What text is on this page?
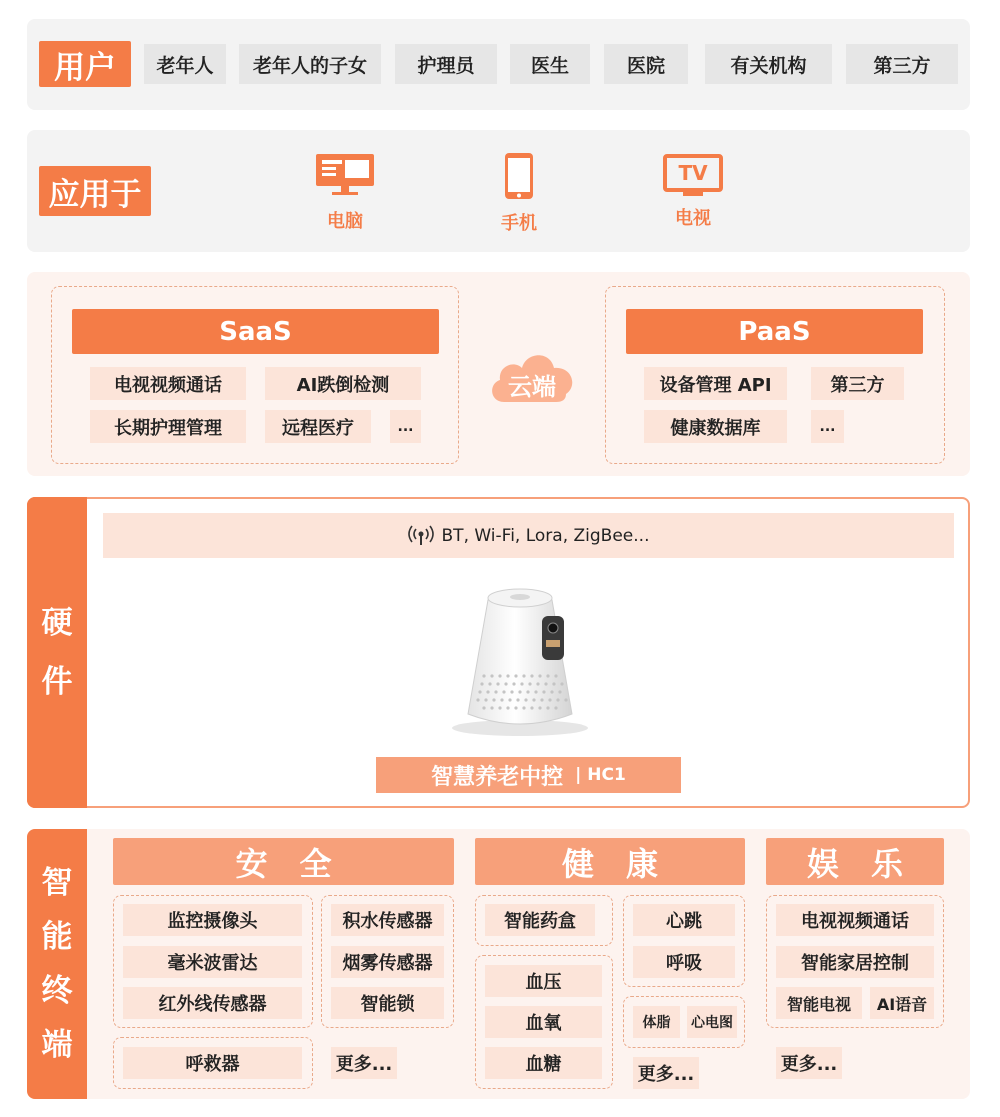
用户	老年人	老年人的子女	护理员	医生	医院	有关机构	第三方
应用于
电脑	手机
TV
电视
SaaS
电视视频通话	AI跌倒检测
长期护理管理	远程医疗	...
云端
PaaS
设备管理 API	第三方
健康数据库	...
硬
件
BT, Wi-Fi, Lora, ZigBee...
智慧养老中控 | HC1
智
能
终
端
安　全
监控摄像头
毫米波雷达
红外线传感器
积水传感器
烟雾传感器
智能锁
呼救器	更多...
健　康
智能药盒	心跳
呼吸
血压
血氧
血糖
体脂	心电图
更多...
娱　乐
电视视频通话
智能家居控制
智能电视	AI语音
更多...
